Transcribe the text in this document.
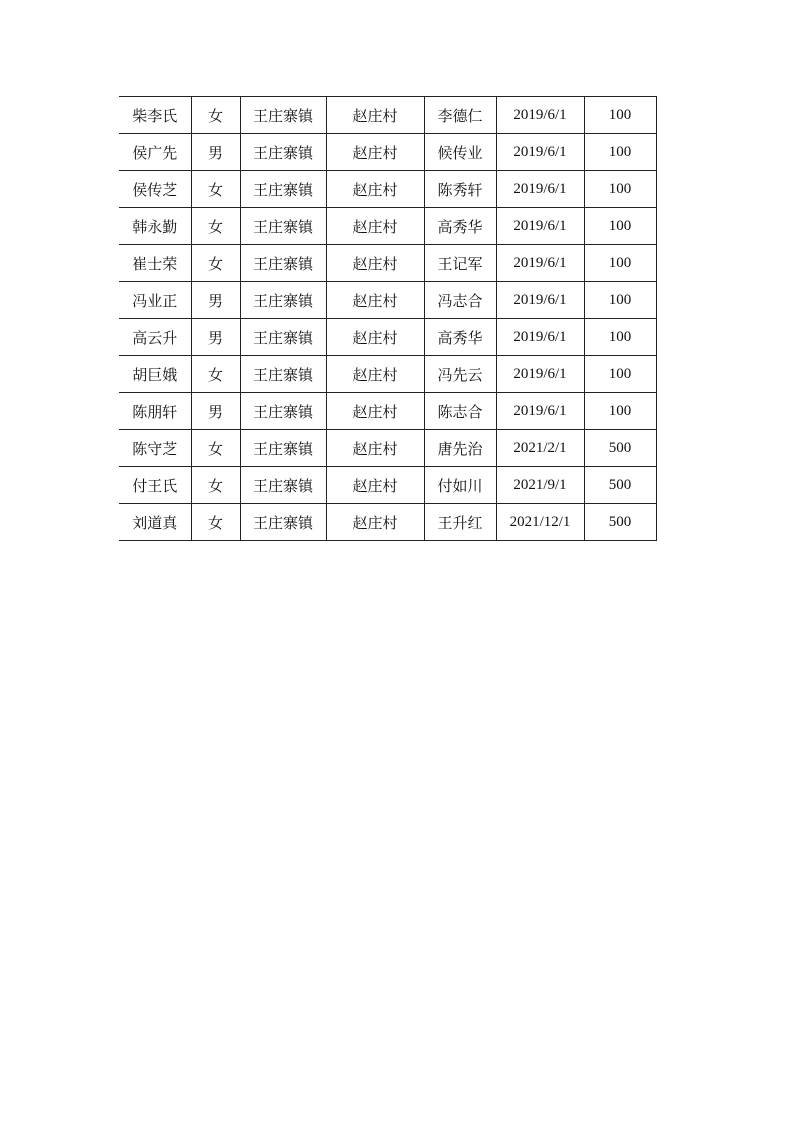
柴李氏	女	王庄寨镇	赵庄村	李德仁	2019/6/1	100
侯广先	男	王庄寨镇	赵庄村	候传业	2019/6/1	100
侯传芝	女	王庄寨镇	赵庄村	陈秀轩	2019/6/1	100
韩永勤	女	王庄寨镇	赵庄村	高秀华	2019/6/1	100
崔士荣	女	王庄寨镇	赵庄村	王记军	2019/6/1	100
冯业正	男	王庄寨镇	赵庄村	冯志合	2019/6/1	100
高云升	男	王庄寨镇	赵庄村	高秀华	2019/6/1	100
胡巨娥	女	王庄寨镇	赵庄村	冯先云	2019/6/1	100
陈朋轩	男	王庄寨镇	赵庄村	陈志合	2019/6/1	100
陈守芝	女	王庄寨镇	赵庄村	唐先治	2021/2/1	500
付王氏	女	王庄寨镇	赵庄村	付如川	2021/9/1	500
刘道真	女	王庄寨镇	赵庄村	王升红	2021/12/1	500
